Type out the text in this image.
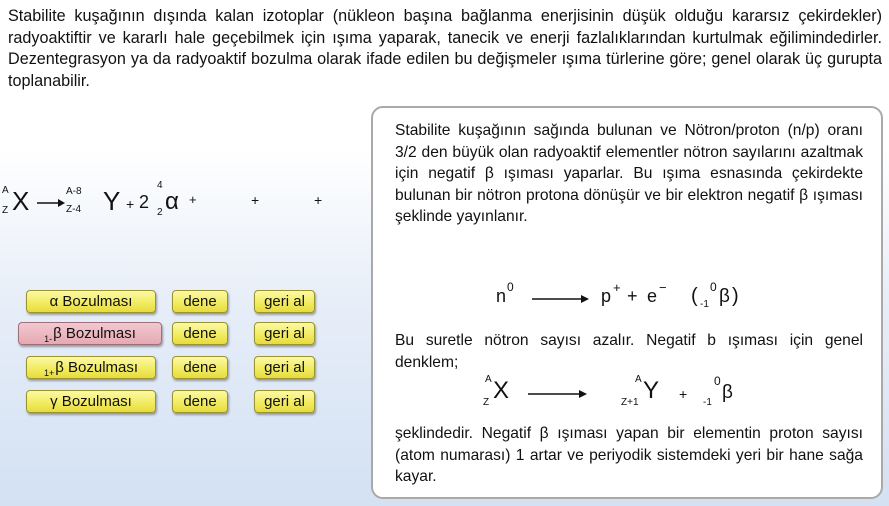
Stabilite kuşağının dışında kalan izotoplar (nükleon başına bağlanma enerjisinin düşük olduğu kararsız çekirdekler) radyoaktiftir ve kararlı hale geçebilmek için ışıma yaparak, tanecik ve enerji fazlalıklarından kurtulmak eğilimindedirler. Dezentegrasyon ya da radyoaktif bozulma olarak ifade edilen bu değişmeler ışıma türlerine göre; genel olarak üç gurupta toplanabilir.
A
Z X →
A-8
Z-4 Y + 2
4
2 α +	+	+
α Bozulması	dene	geri al
$_{1-}$β Bozulması	dene	geri al
$_{1+}$β Bozulması	dene	geri al
γ Bozulması	dene	geri al
Stabilite kuşağının sağında bulunan ve Nötron/proton (n/p) oranı 3/2 den büyük olan radyoaktif elementler nötron sayılarını azaltmak için negatif β ışıması yaparlar. Bu ışıma esnasında çekirdekte bulunan bir nötron protona dönüşür ve bir elektron negatif β ışıması şeklinde yayınlanır.
n 0 → p + + e − ( -1
0 β )
Bu suretle nötron sayısı azalır. Negatif b ışıması için genel denklem;
A
Z X →
A
Z+1 Y +
-1
0
β
şeklindedir. Negatif β ışıması yapan bir elementin proton sayısı (atom numarası) 1 artar ve periyodik sistemdeki yeri bir hane sağa kayar.
